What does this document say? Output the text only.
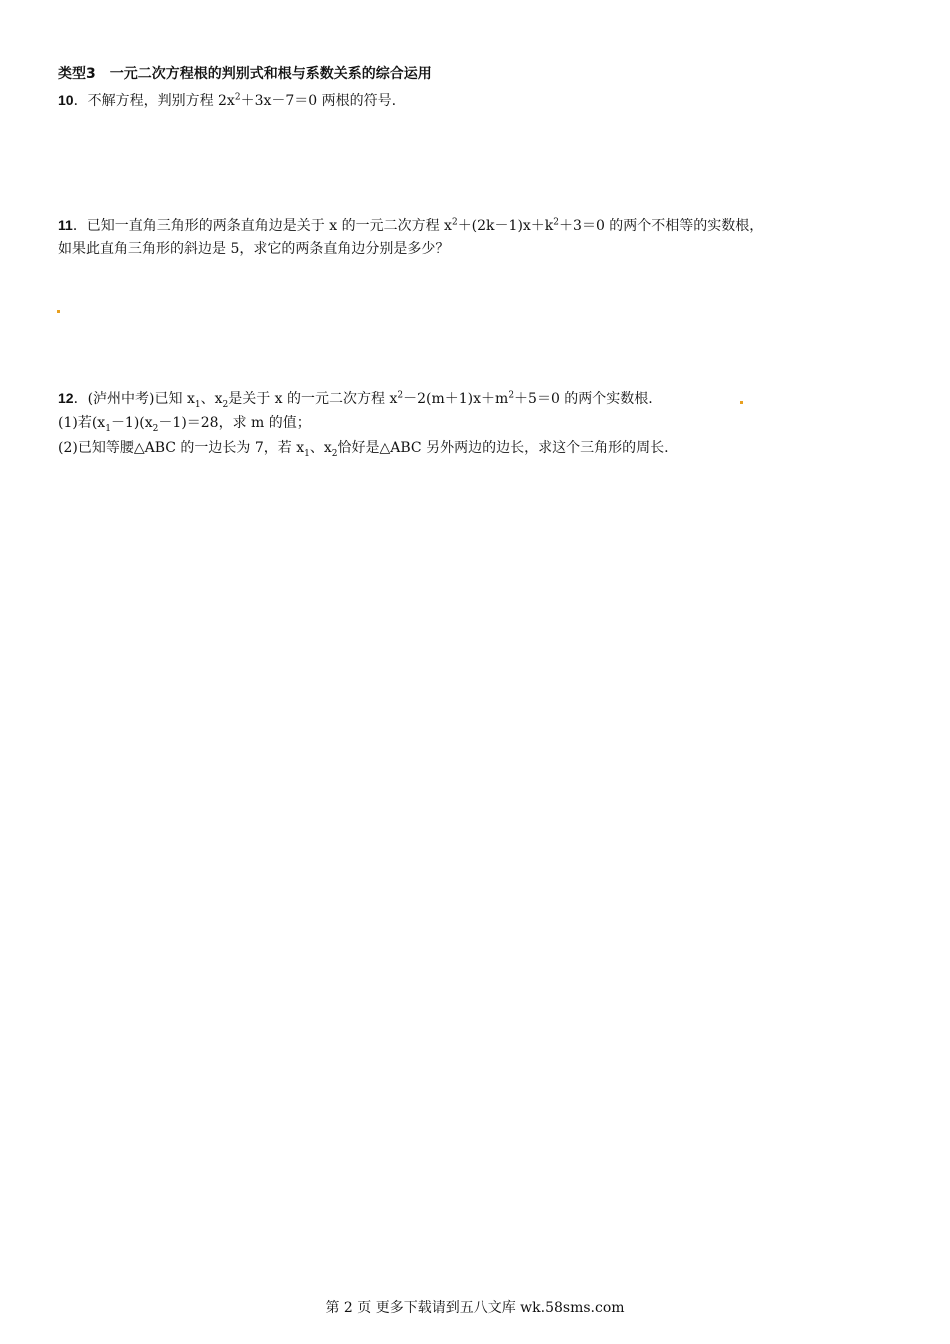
类型3　一元二次方程根的判别式和根与系数关系的综合运用
10．不解方程，判别方程 $2x^2+3x-7=0$ 两根的符号.
11．已知一直角三角形的两条直角边是关于 x 的一元二次方程 $x^2+(2k-1)x+k^2+3=0$ 的两个不相等的实数根，
如果此直角三角形的斜边是 5，求它的两条直角边分别是多少？
12．(泸州中考)已知 $x_1$、$x_2$是关于 x 的一元二次方程 $x^2-2(m+1)x+m^2+5=0$ 的两个实数根.
(1)若$(x_1-1)(x_2-1)=28$，求 m 的值；
(2)已知等腰△ABC 的一边长为 7，若 $x_1$、$x_2$恰好是△ABC 另外两边的边长，求这个三角形的周长.
第 2 页 更多下载请到五八文库 wk.58sms.com
